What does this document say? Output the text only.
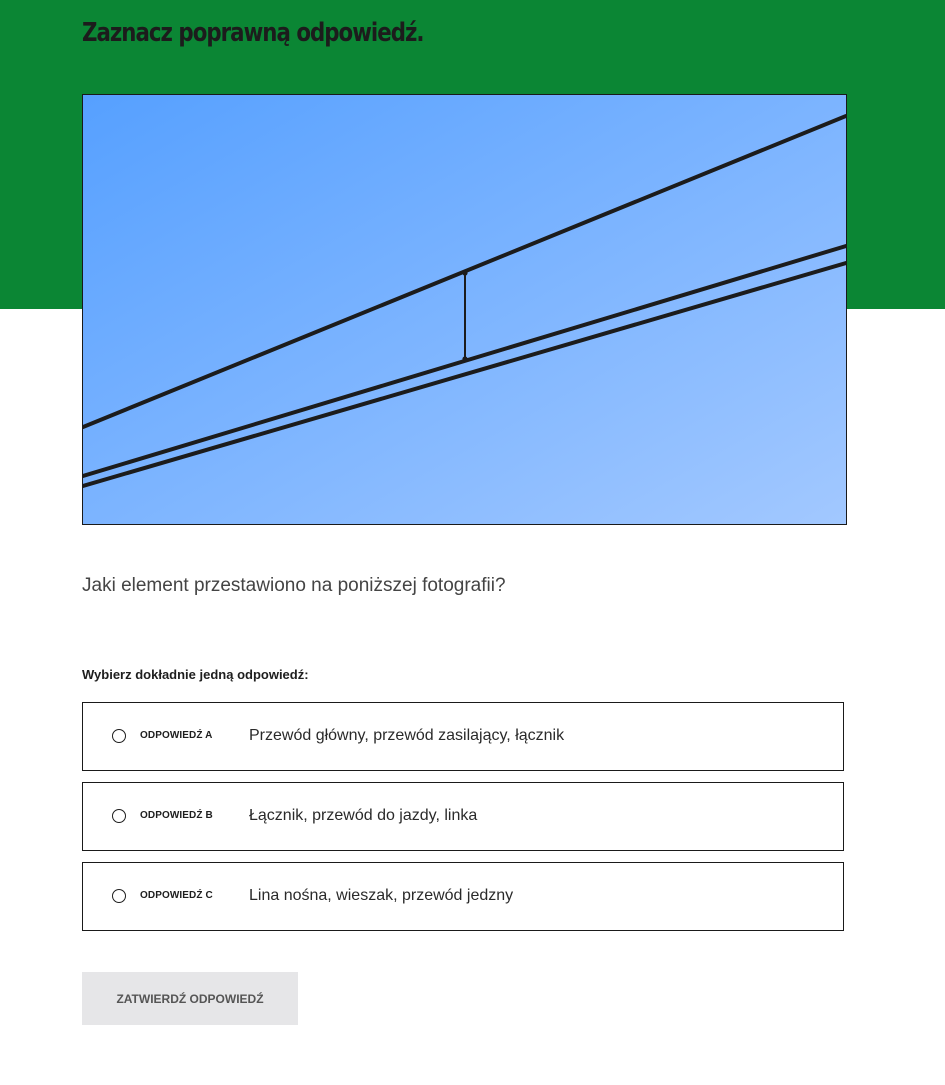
Zaznacz poprawną odpowiedź.
Jaki element przestawiono na poniższej fotografii?
Wybierz dokładnie jedną odpowiedź:
ODPOWIEDŹ A Przewód główny, przewód zasilający, łącznik
ODPOWIEDŹ B Łącznik, przewód do jazdy, linka
ODPOWIEDŹ C Lina nośna, wieszak, przewód jedzny
ZATWIERDŹ ODPOWIEDŹ
